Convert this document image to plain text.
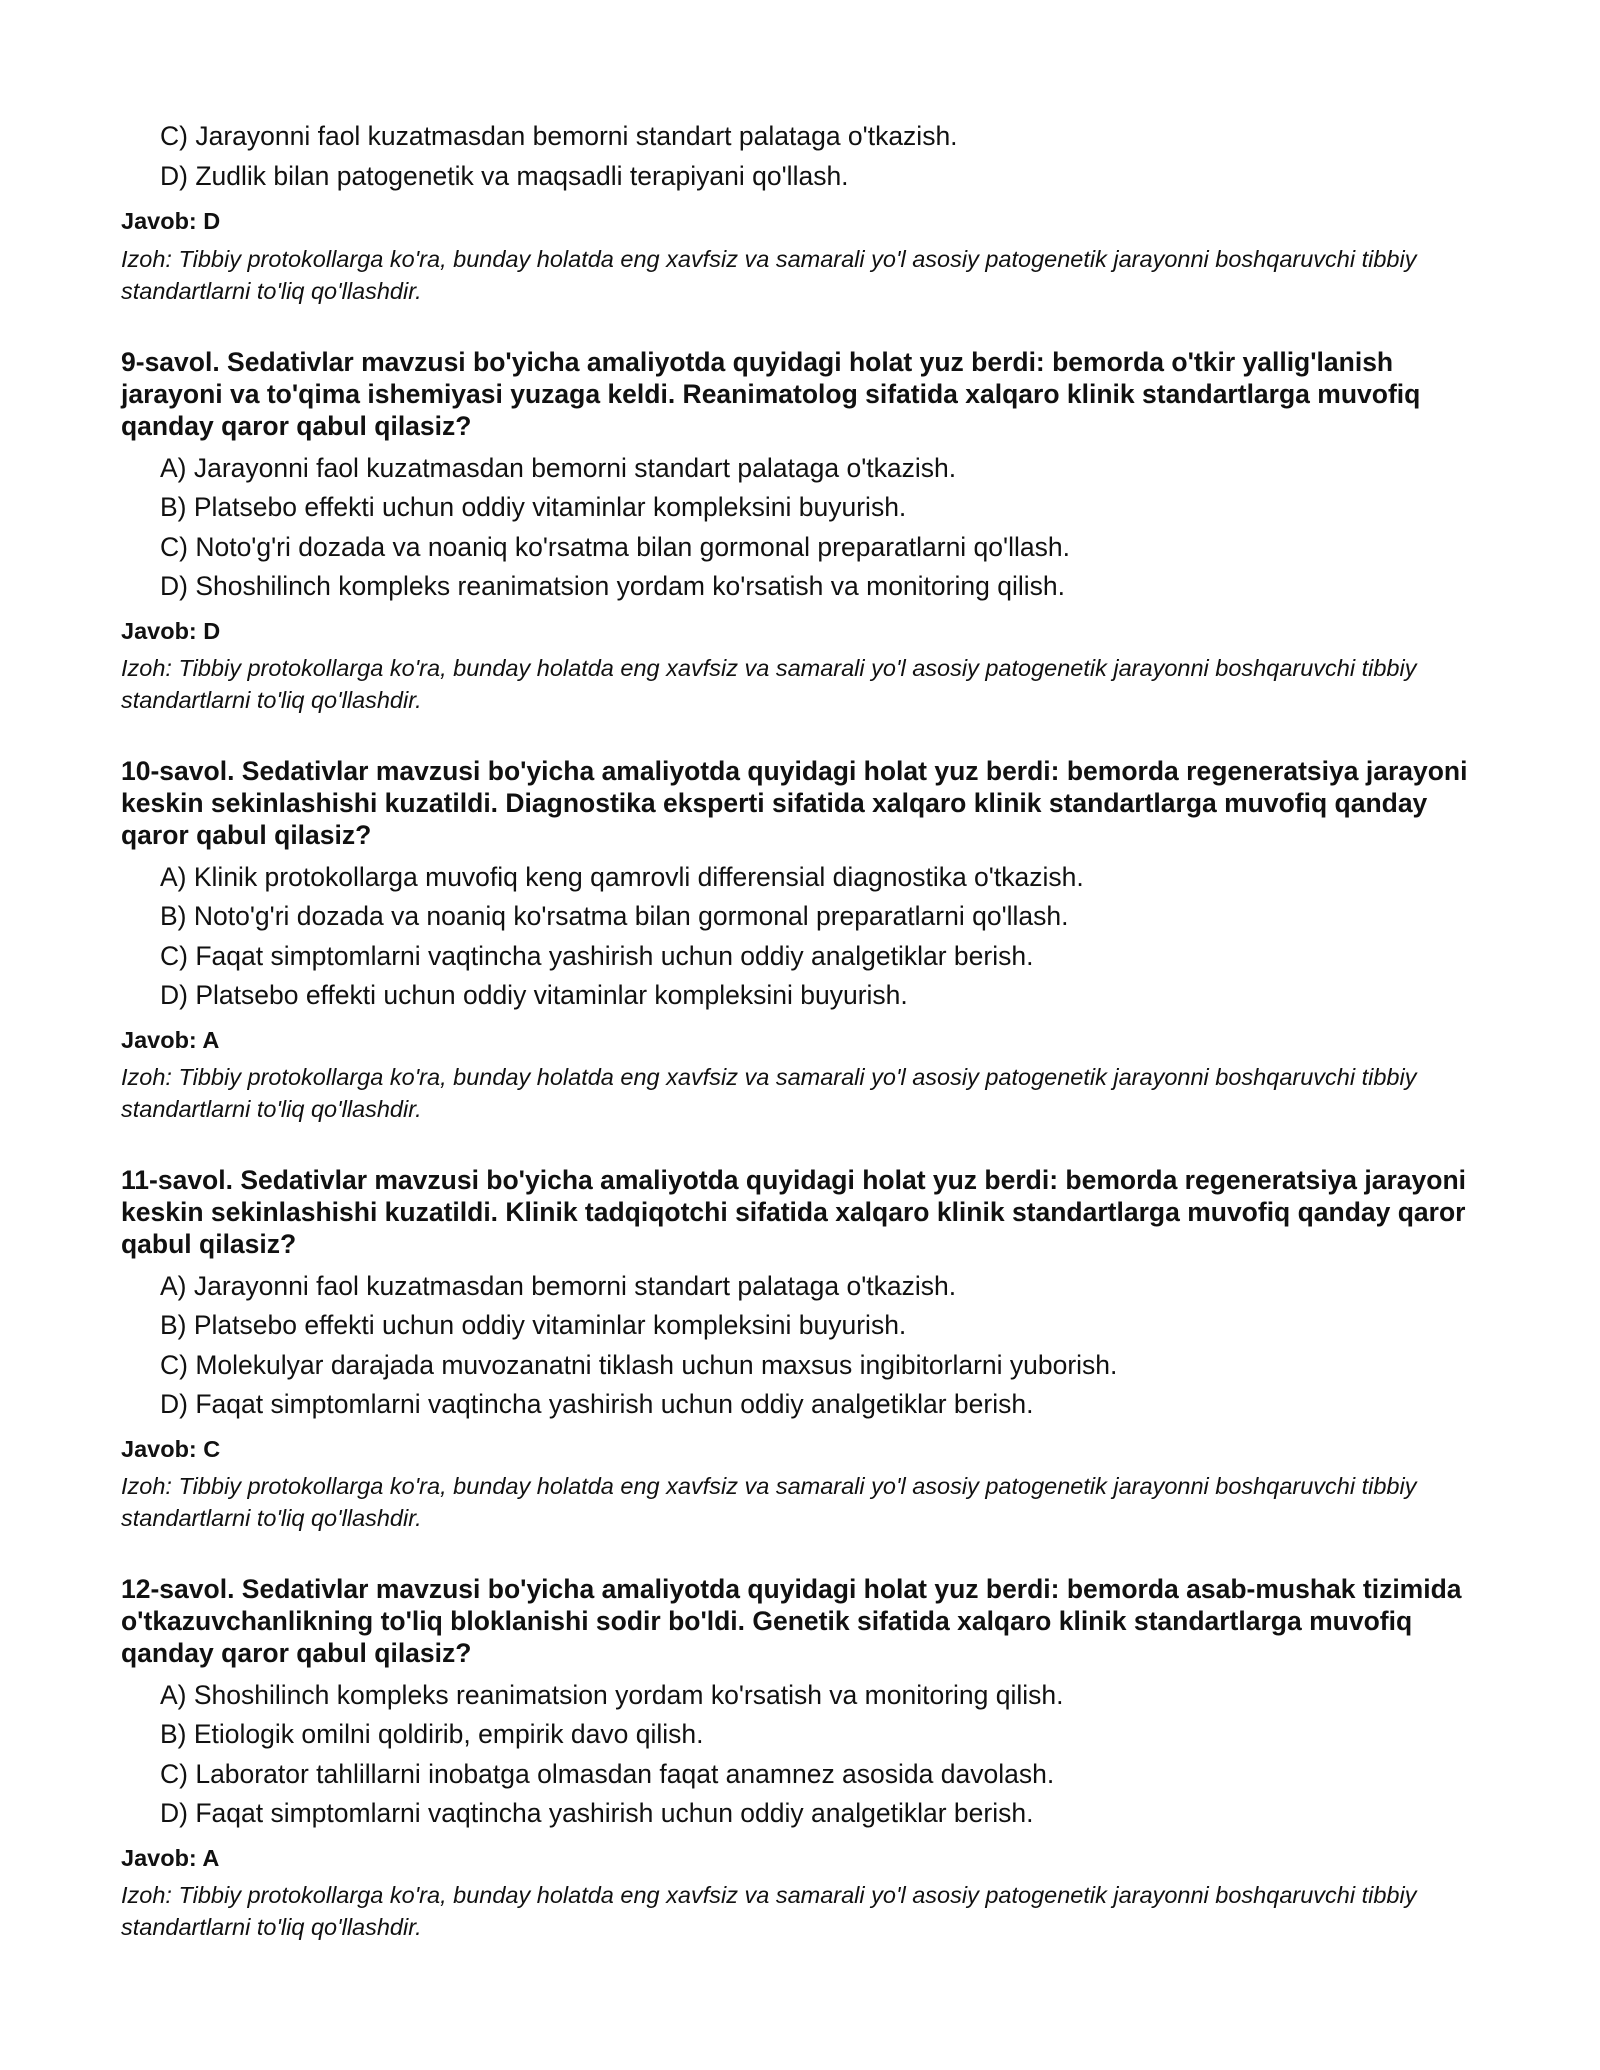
C) Jarayonni faol kuzatmasdan bemorni standart palataga o'tkazish.
D) Zudlik bilan patogenetik va maqsadli terapiyani qo'llash.
Javob: D
Izoh: Tibbiy protokollarga ko'ra, bunday holatda eng xavfsiz va samarali yo'l asosiy patogenetik jarayonni boshqaruvchi tibbiy standartlarni to'liq qo'llashdir.
9-savol. Sedativlar mavzusi bo'yicha amaliyotda quyidagi holat yuz berdi: bemorda o'tkir yallig'lanish jarayoni va to'qima ishemiyasi yuzaga keldi. Reanimatolog sifatida xalqaro klinik standartlarga muvofiq qanday qaror qabul qilasiz?
A) Jarayonni faol kuzatmasdan bemorni standart palataga o'tkazish.
B) Platsebo effekti uchun oddiy vitaminlar kompleksini buyurish.
C) Noto'g'ri dozada va noaniq ko'rsatma bilan gormonal preparatlarni qo'llash.
D) Shoshilinch kompleks reanimatsion yordam ko'rsatish va monitoring qilish.
Javob: D
Izoh: Tibbiy protokollarga ko'ra, bunday holatda eng xavfsiz va samarali yo'l asosiy patogenetik jarayonni boshqaruvchi tibbiy standartlarni to'liq qo'llashdir.
10-savol. Sedativlar mavzusi bo'yicha amaliyotda quyidagi holat yuz berdi: bemorda regeneratsiya jarayoni keskin sekinlashishi kuzatildi. Diagnostika eksperti sifatida xalqaro klinik standartlarga muvofiq qanday qaror qabul qilasiz?
A) Klinik protokollarga muvofiq keng qamrovli differensial diagnostika o'tkazish.
B) Noto'g'ri dozada va noaniq ko'rsatma bilan gormonal preparatlarni qo'llash.
C) Faqat simptomlarni vaqtincha yashirish uchun oddiy analgetiklar berish.
D) Platsebo effekti uchun oddiy vitaminlar kompleksini buyurish.
Javob: A
Izoh: Tibbiy protokollarga ko'ra, bunday holatda eng xavfsiz va samarali yo'l asosiy patogenetik jarayonni boshqaruvchi tibbiy standartlarni to'liq qo'llashdir.
11-savol. Sedativlar mavzusi bo'yicha amaliyotda quyidagi holat yuz berdi: bemorda regeneratsiya jarayoni keskin sekinlashishi kuzatildi. Klinik tadqiqotchi sifatida xalqaro klinik standartlarga muvofiq qanday qaror qabul qilasiz?
A) Jarayonni faol kuzatmasdan bemorni standart palataga o'tkazish.
B) Platsebo effekti uchun oddiy vitaminlar kompleksini buyurish.
C) Molekulyar darajada muvozanatni tiklash uchun maxsus ingibitorlarni yuborish.
D) Faqat simptomlarni vaqtincha yashirish uchun oddiy analgetiklar berish.
Javob: C
Izoh: Tibbiy protokollarga ko'ra, bunday holatda eng xavfsiz va samarali yo'l asosiy patogenetik jarayonni boshqaruvchi tibbiy standartlarni to'liq qo'llashdir.
12-savol. Sedativlar mavzusi bo'yicha amaliyotda quyidagi holat yuz berdi: bemorda asab-mushak tizimida o'tkazuvchanlikning to'liq bloklanishi sodir bo'ldi. Genetik sifatida xalqaro klinik standartlarga muvofiq qanday qaror qabul qilasiz?
A) Shoshilinch kompleks reanimatsion yordam ko'rsatish va monitoring qilish.
B) Etiologik omilni qoldirib, empirik davo qilish.
C) Laborator tahlillarni inobatga olmasdan faqat anamnez asosida davolash.
D) Faqat simptomlarni vaqtincha yashirish uchun oddiy analgetiklar berish.
Javob: A
Izoh: Tibbiy protokollarga ko'ra, bunday holatda eng xavfsiz va samarali yo'l asosiy patogenetik jarayonni boshqaruvchi tibbiy standartlarni to'liq qo'llashdir.
